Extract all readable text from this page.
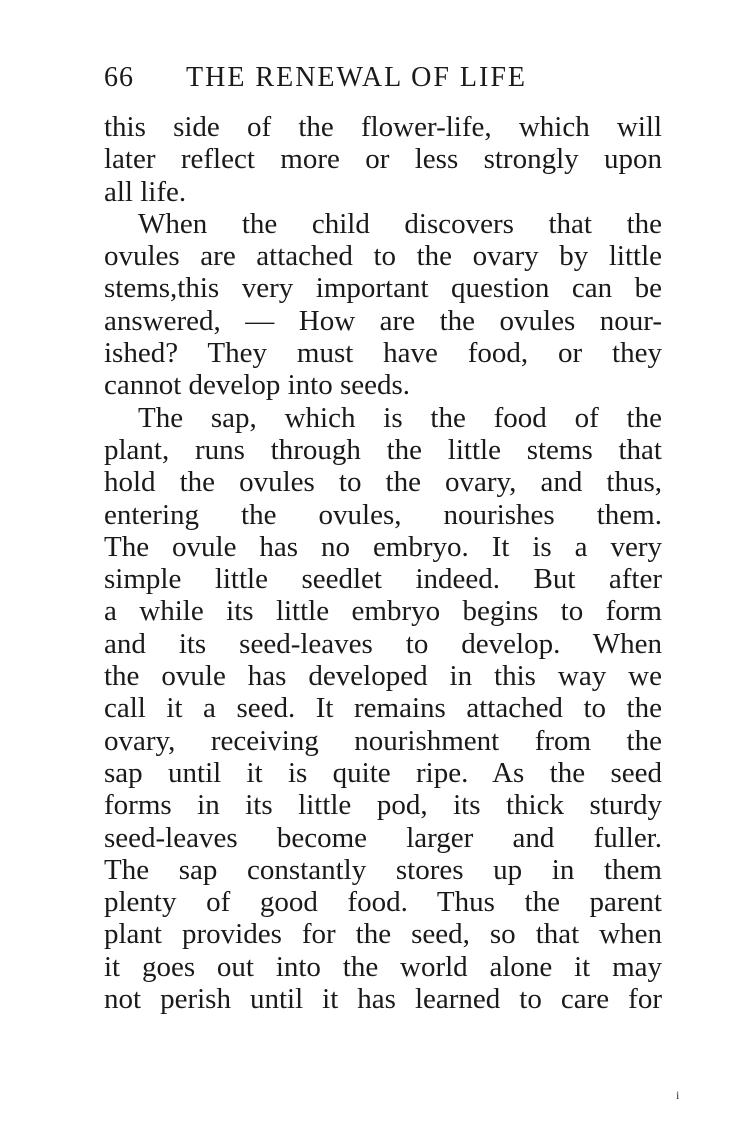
66	THE RENEWAL OF LIFE
this side of the flower-life, which will
later reflect more or less strongly upon
all life.
When the child discovers that the
ovules are attached to the ovary by little
stems,this very important question can be
answered, — How are the ovules nour-
ished? They must have food, or they
cannot develop into seeds.
The sap, which is the food of the
plant, runs through the little stems that
hold the ovules to the ovary, and thus,
entering the ovules, nourishes them.
The ovule has no embryo. It is a very
simple little seedlet indeed. But after
a while its little embryo begins to form
and its seed-leaves to develop. When
the ovule has developed in this way we
call it a seed. It remains attached to the
ovary, receiving nourishment from the
sap until it is quite ripe. As the seed
forms in its little pod, its thick sturdy
seed-leaves become larger and fuller.
The sap constantly stores up in them
plenty of good food. Thus the parent
plant provides for the seed, so that when
it goes out into the world alone it may
not perish until it has learned to care for
i
